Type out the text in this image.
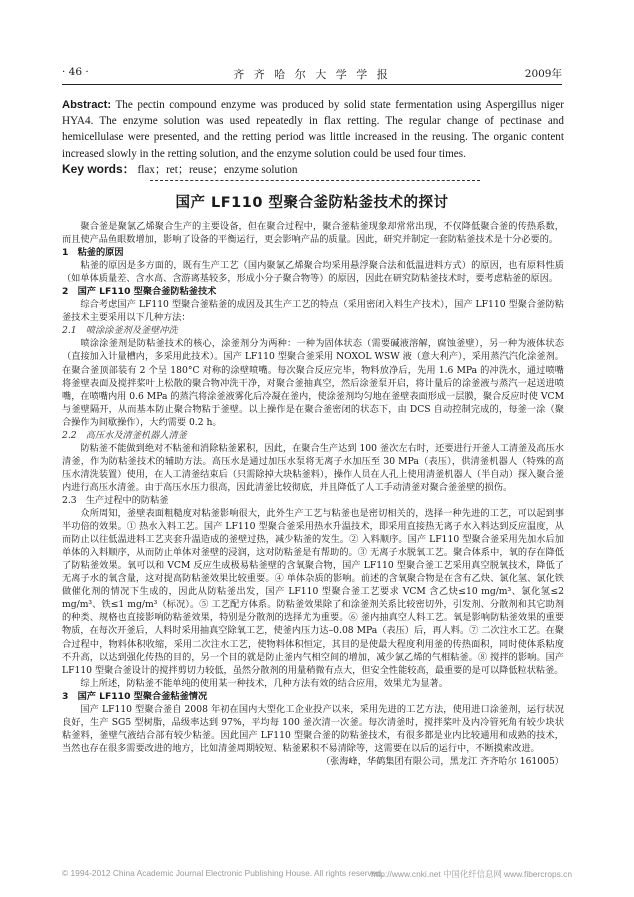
· 46 ·	齐 齐 哈 尔 大 学 学 报	2009年
Abstract: The pectin compound enzyme was produced by solid state fermentation using Aspergillus niger HYA4. The enzyme solution was used repeatedly in flax retting. The regular change of pectinase and hemicellulase were presented, and the retting period was little increased in the reusing. The organic content increased slowly in the retting solution, and the enzyme solution could be used four times.
Key words： flax；ret；reuse；enzyme solution
国产 LF110 型聚合釜防粘釜技术的探讨

聚合釜是聚氯乙烯聚合生产的主要设备，但在聚合过程中，聚合釜粘釜现象却常常出现，不仅降低聚合釜的传热系数，而且使产品鱼眼数增加，影响了设备的平衡运行，更会影响产品的质量。因此，研究并制定一套防粘釜技术是十分必要的。

1　粘釜的原因

粘釜的原因是多方面的，既有生产工艺（国内聚氯乙烯聚合均采用悬浮聚合法和低温进料方式）的原因，也有原料性质（如单体质量差、含水高、含游离基较多，形成小分子聚合物等）的原因，因此在研究防粘釜技术时，要考虑粘釜的原因。

2　国产 LF110 型聚合釜防粘釜技术

综合考虑国产 LF110 型聚合釜粘釜的成因及其生产工艺的特点（采用密闭入料生产技术），国产 LF110 型聚合釜防粘釜技术主要采用以下几种方法：

2.1　喷涂涂釜剂及釜壁冲洗

喷涂涂釜剂是防粘釜技术的核心，涂釜剂分为两种：一种为固体状态（需要碱液溶解，腐蚀釜壁），另一种为液体状态（直接加入计量槽内，多采用此技术）。国产 LF110 型聚合釜采用 NOXOL WSW 液（意大利产），采用蒸汽汽化涂釜剂。在聚合釜顶部装有 2 个呈 180°C 对称的涂壁喷嘴。每次聚合反应完毕，物料放净后，先用 1.6 MPa 的冲洗水，通过喷嘴将釜壁表面及搅拌桨叶上松散的聚合物冲洗干净，对聚合釜抽真空，然后涂釜泵开启，将计量后的涂釜液与蒸汽一起送进喷嘴，在喷嘴内用 0.6 MPa 的蒸汽将涂釜液雾化后冷凝在釜内，使涂釜剂均匀地在釜壁表面形成一层膜，聚合反应时使 VCM 与釜壁隔开，从而基本防止聚合物粘于釜壁。以上操作是在聚合釜密闭的状态下，由 DCS 自动控制完成的，每釜一涂（聚合操作为间歇操作），大约需要 0.2 h。

2.2　高压水及清釜机器人清釜

防粘釜不能做到绝对不粘釜和消除粘釜累积，因此，在聚合生产达到 100 釜次左右时，还要进行开釜人工清釜及高压水清釜，作为防粘釜技术的辅助方法。高压水是通过加压水泵将无离子水加压至 30 MPa（表压），供清釜机器人（特殊的高压水清洗装置）使用，在人工清釜结束后（只需除掉大块粘釜料），操作人员在人孔上使用清釜机器人（半自动）探入聚合釜内进行高压水清釜。由于高压水压力很高，因此清釜比较彻底，并且降低了人工手动清釜对聚合釜釜壁的损伤。

2.3　生产过程中的防粘釜

众所周知，釜壁表面粗糙度对粘釜影响很大，此外生产工艺与粘釜也是密切相关的，选择一种先进的工艺，可以起到事半功倍的效果。① 热水入料工艺。国产 LF110 型聚合釜采用热水升温技术，即采用直接热无离子水入料达到反应温度，从而防止以往低温进料工艺夹套升温造成的釜壁过热，减少粘釜的发生。② 入料顺序。国产 LF110 型聚合釜采用先加水后加单体的入料顺序，从而防止单体对釜壁的浸润，这对防粘釜是有帮助的。③ 无离子水脱氧工艺。聚合体系中，氧的存在降低了防粘釜效果。氧可以和 VCM 反应生成极易粘釜壁的含氧聚合物，国产 LF110 型聚合釜工艺采用真空脱氧技术，降低了无离子水的氧含量，这对提高防粘釜效果比较重要。④ 单体杂质的影响。前述的含氧聚合物是在含有乙炔、氯化氢、氯化铁做催化剂的情况下生成的，因此从防粘釜出发，国产 LF110 型聚合釜工艺要求 VCM 含乙炔≤10 mg/m³、氯化氢≤2 mg/m³、铁≤1 mg/m³（标况）。⑤ 工艺配方体系。防粘釜效果除了和涂釜剂关系比较密切外，引发剂、分散剂和其它助剂的种类、规格也直接影响防粘釜效果，特别是分散剂的选择尤为重要。⑥ 釜内抽真空人料工艺。氧是影响防粘釜效果的重要物质，在每次开釜后，人料时采用抽真空除氧工艺，使釜内压力达–0.08 MPa（表压）后，再人料。⑦ 二次注水工艺。在聚合过程中，物料体积收缩，采用二次注水工艺，使物料体积恒定，其目的是使最大程度利用釜的传热面积，同时使体系粘度不升高，以达到强化传热的目的，另一个目的就是防止釜内气相空间的增加，减少氯乙烯的气相粘釜。⑧ 搅拌的影响。国产 LF110 型聚合釜设计的搅拌剪切力较低，虽然分散剂的用量稍微有点大，但安全性能较高，最重要的是可以降低粒状粘釜。

综上所述，防粘釜不能单纯的使用某一种技术，几种方法有效的结合应用，效果尤为显著。

3　国产 LF110 型聚合釜粘釜情况

国产 LF110 型聚合釜自 2008 年初在国内大型化工企业投产以来，采用先进的工艺方法，使用进口涂釜剂，运行状况良好，生产 SG5 型树脂，品级率达到 97%，平均每 100 釜次清一次釜。每次清釜时，搅拌桨叶及内冷管死角有较少块状粘釜料，釜壁气液结合部有较少粘釜。因此国产 LF110 型聚合釜的防粘釜技术，有很多都是业内比较通用和成熟的技术，当然也存在很多需要改进的地方，比如清釜周期较短、粘釜累积不易清除等，这需要在以后的运行中，不断摸索改进。

（张海峰，华鹤集团有限公司，黑龙江 齐齐哈尔 161005）

© 1994-2012 China Academic Journal Electronic Publishing House. All rights reserved.
http://www.cnki.net 中国化纤信息网 www.fibercrops.cn
